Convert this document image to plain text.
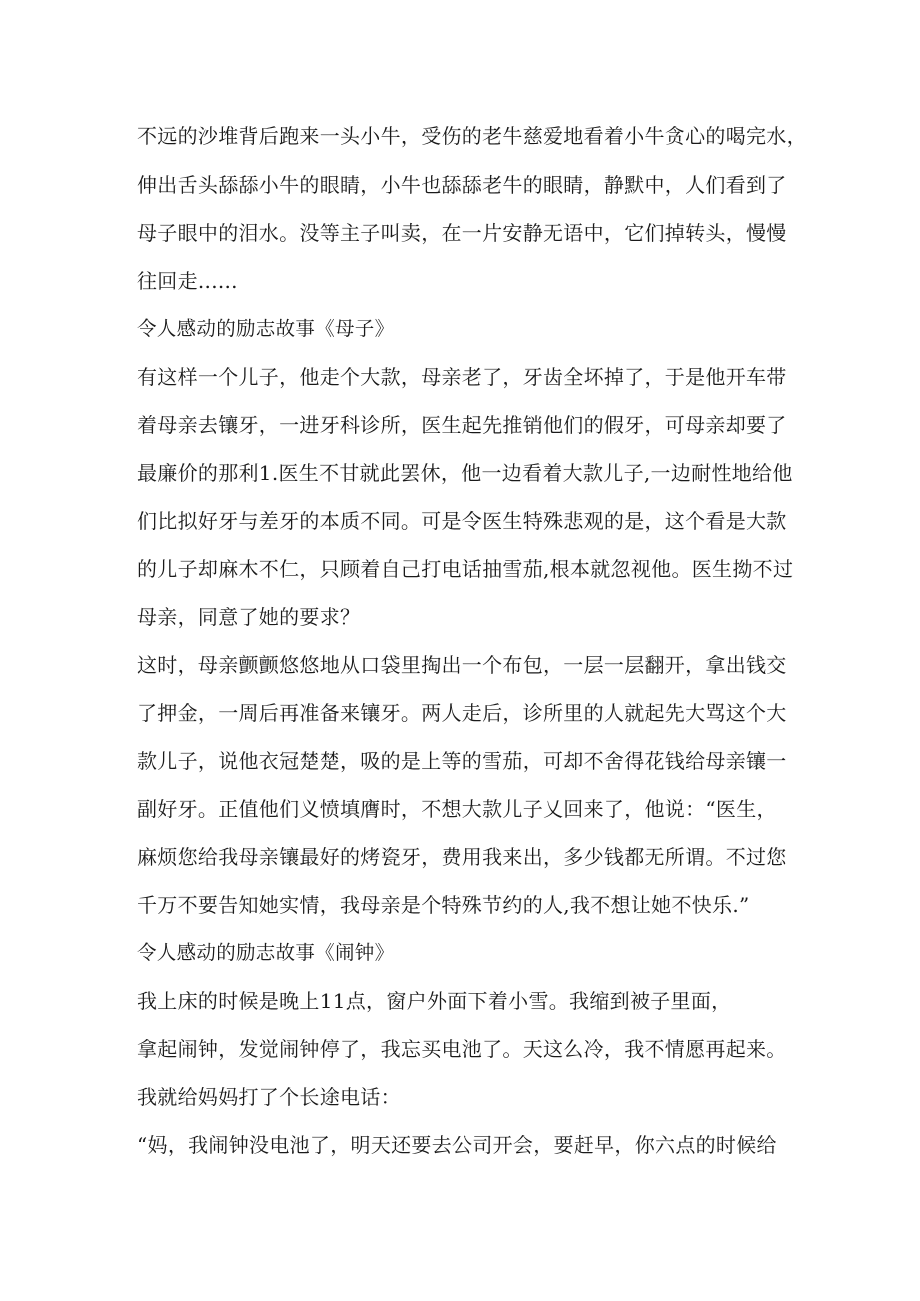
不远的沙堆背后跑来一头小牛，受伤的老牛慈爱地看着小牛贪心的喝完水，
伸出舌头舔舔小牛的眼睛，小牛也舔舔老牛的眼睛，静默中，人们看到了
母子眼中的泪水。没等主子叫卖，在一片安静无语中，它们掉转头，慢慢
往回走......
令人感动的励志故事《母子》
有这样一个儿子，他走个大款，母亲老了，牙齿全坏掉了，于是他开车带
着母亲去镶牙，一进牙科诊所，医生起先推销他们的假牙，可母亲却要了
最廉价的那利1.医生不甘就此罢休，他一边看着大款儿子,一边耐性地给他
们比拟好牙与差牙的本质不同。可是令医生特殊悲观的是，这个看是大款
的儿子却麻木不仁，只顾着自己打电话抽雪茄,根本就忽视他。医生拗不过
母亲，同意了她的要求？
这时，母亲颤颤悠悠地从口袋里掏出一个布包，一层一层翻开，拿出钱交
了押金，一周后再准备来镶牙。两人走后，诊所里的人就起先大骂这个大
款儿子，说他衣冠楚楚，吸的是上等的雪茄，可却不舍得花钱给母亲镶一
副好牙。正值他们义愤填膺时，不想大款儿子乂回来了，他说：“医生，
麻烦您给我母亲镶最好的烤瓷牙，费用我来出，多少钱都无所谓。不过您
千万不要告知她实情，我母亲是个特殊节约的人,我不想让她不快乐.”
令人感动的励志故事《闹钟》
我上床的时候是晚上11点，窗户外面下着小雪。我缩到被子里面，
拿起闹钟，发觉闹钟停了，我忘买电池了。天这么冷，我不情愿再起来。
我就给妈妈打了个长途电话：
“妈，我闹钟没电池了，明天还要去公司开会，要赶早，你六点的时候给
